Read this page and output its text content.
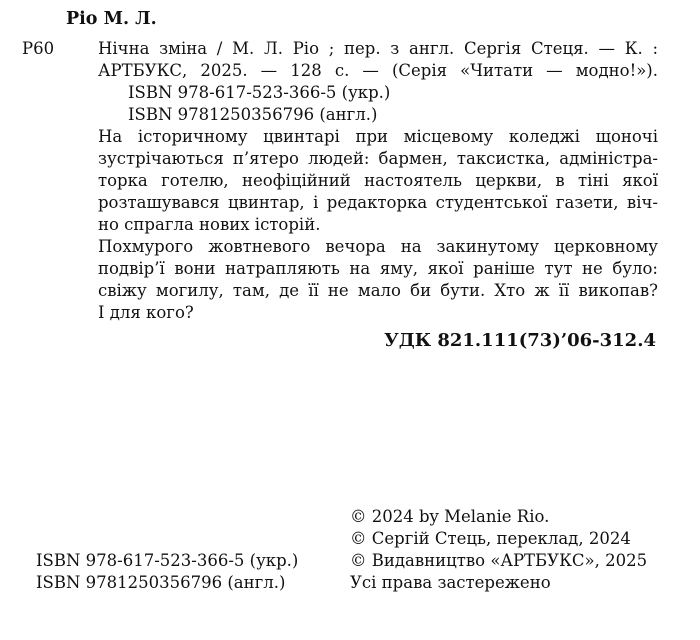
Ріо М. Л.
Р60	Нічна зміна / М. Л. Ріо ; пер. з англ. Сергія Стеця. — К. :
АРТБУКС, 2025. — 128 с. — (Серія «Читати — модно!»).
ISBN 978-617-523-366-5 (укр.)
ISBN 9781250356796 (англ.)

На історичному цвинтарі при місцевому коледжі щоночі
зустрічаються п’ятеро людей: бармен, таксистка, адміністра-
торка готелю, неофіційний настоятель церкви, в тіні якої
розташувався цвинтар, і редакторка студентської газети, віч-
но спрагла нових історій.

Похмурого жовтневого вечора на закинутому церковному
подвір’ї вони натрапляють на яму, якої раніше тут не було:
свіжу могилу, там, де її не мало би бути. Хто ж її викопав?
І для кого?

УДК 821.111(73)’06-312.4
© 2024 by Melanie Rio.
© Сергій Стець, переклад, 2024
© Видавництво «АРТБУКС», 2025
Усі права застережено
ISBN 978-617-523-366-5 (укр.)
ISBN 9781250356796 (англ.)
